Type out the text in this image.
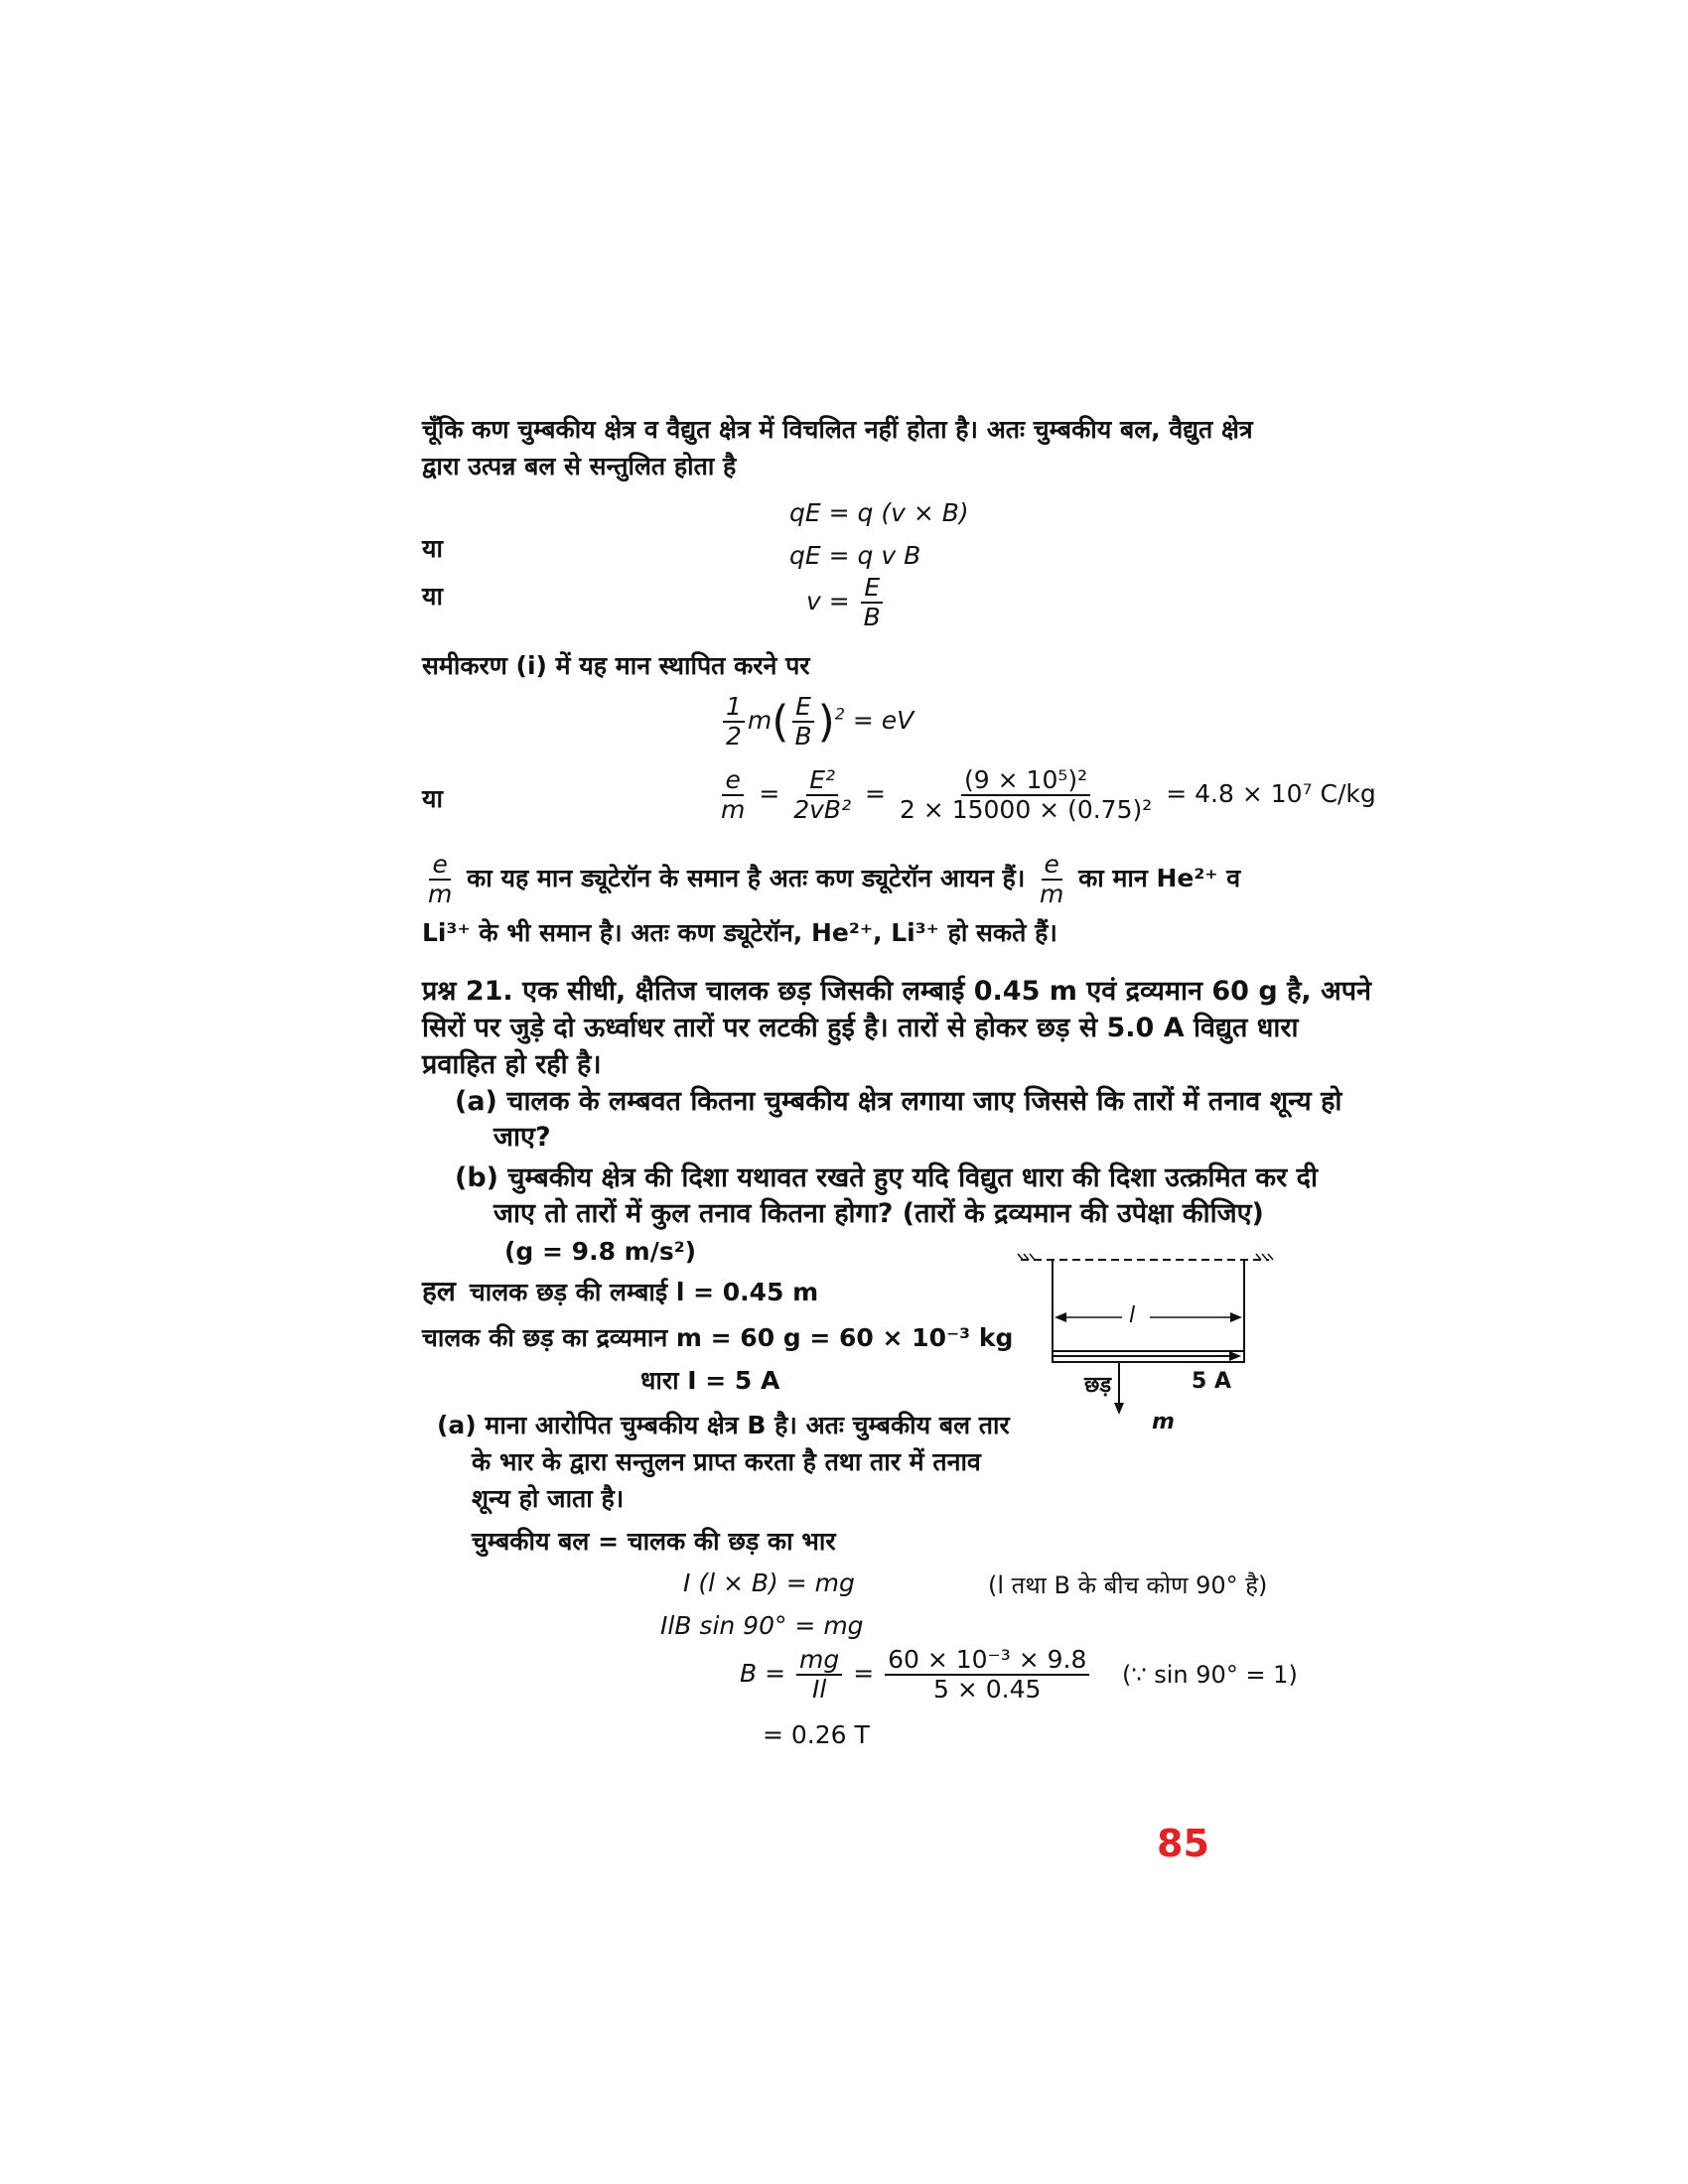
चूँकि कण चुम्बकीय क्षेत्र व वैद्युत क्षेत्र में विचलित नहीं होता है। अतः चुम्बकीय बल, वैद्युत क्षेत्र
द्वारा उत्पन्न बल से सन्तुलित होता है
qE = q (v × B)
या	qE = q v B
या	$v = \frac{E}{B}$
समीकरण (i) में यह मान स्थापित करने पर
$\frac{1}{2} m( \frac{E}{B} )^2$ = eV
या	$\frac{e}{m} = \frac{\text{E²}}{\text{2vB²}} = \frac{\text{(9 × 10⁵)²}}{\text{2 × 15000 × (0.75)²}} = 4.8 \times 10^7$ C/kg
$\frac{e}{m}$ का यह मान ड्यूटेरॉन के समान है अतः कण ड्यूटेरॉन आयन हैं। $\frac{e}{m}$ का मान He²⁺ व
Li³⁺ के भी समान है। अतः कण ड्यूटेरॉन, He²⁺, Li³⁺ हो सकते हैं।
प्रश्न 21. एक सीधी, क्षैतिज चालक छड़ जिसकी लम्बाई 0.45 m एवं द्रव्यमान 60 g है, अपने
सिरों पर जुड़े दो ऊर्ध्वाधर तारों पर लटकी हुई है। तारों से होकर छड़ से 5.0 A विद्युत धारा
प्रवाहित हो रही है।
(a) चालक के लम्बवत कितना चुम्बकीय क्षेत्र लगाया जाए जिससे कि तारों में तनाव शून्य हो
जाए?
(b) चुम्बकीय क्षेत्र की दिशा यथावत रखते हुए यदि विद्युत धारा की दिशा उत्क्रमित कर दी
जाए तो तारों में कुल तनाव कितना होगा? (तारों के द्रव्यमान की उपेक्षा कीजिए)
(g = 9.8 m/s²)
हल चालक छड़ की लम्बाई l = 0.45 m
चालक की छड़ का द्रव्यमान m = 60 g = 60 × 10⁻³ kg
धारा I = 5 A
(a) माना आरोपित चुम्बकीय क्षेत्र B है। अतः चुम्बकीय बल तार
के भार के द्वारा सन्तुलन प्राप्त करता है तथा तार में तनाव
शून्य हो जाता है।
चुम्बकीय बल = चालक की छड़ का भार
I (l × B) = mg	(l तथा B के बीच कोण 90° है)
IlB sin 90° = mg
$B = \frac{mg}{Il} = \frac{\text{60 × 10⁻³ × 9.8}}{5 \times 0.45}$ (∵ sin 90° = 1)
= 0.26 T
l
छड़	5 A
m
85
